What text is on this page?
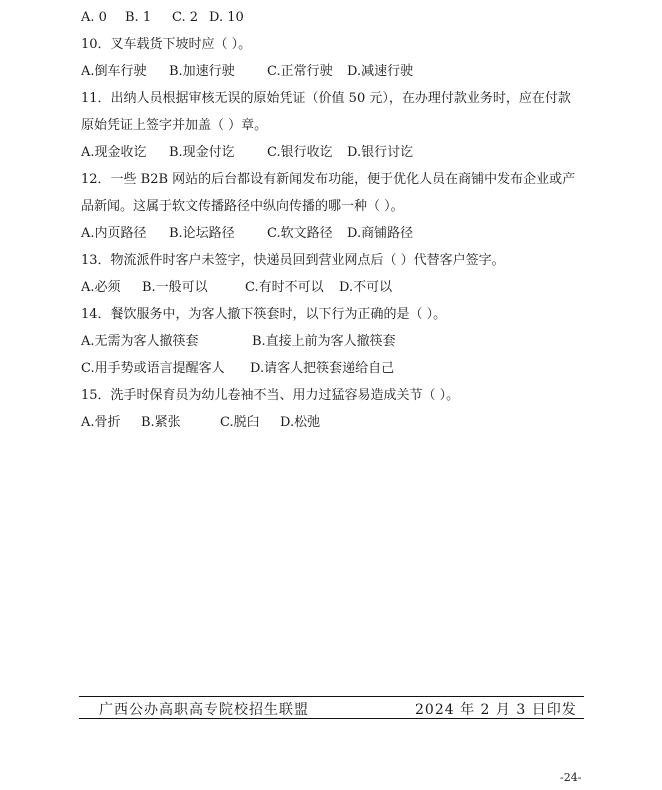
A. 0	B. 1	C. 2 D. 10
10．叉车载货下坡时应（ ）。
A.倒车行驶	B.加速行驶	C.正常行驶	D.减速行驶
11．出纳人员根据审核无误的原始凭证（价值 50 元），在办理付款业务时，应在付款
原始凭证上签字并加盖（ ）章。
A.现金收讫	B.现金付讫	C.银行收讫	D.银行讨讫
12．一些 B2B 网站的后台都设有新闻发布功能，便于优化人员在商铺中发布企业或产
品新闻。这属于软文传播路径中纵向传播的哪一种（ ）。
A.内页路径	B.论坛路径	C.软文路径	D.商铺路径
13．物流派件时客户未签字，快递员回到营业网点后（ ）代替客户签字。
A.必须	B.一般可以	C.有时不可以	D.不可以
14．餐饮服务中，为客人撤下筷套时，以下行为正确的是（ ）。
A.无需为客人撤筷套	B.直接上前为客人撤筷套
C.用手势或语言提醒客人	D.请客人把筷套递给自己
15．洗手时保育员为幼儿卷袖不当、用力过猛容易造成关节（ ）。
A.骨折	B.紧张	C.脱臼	D.松弛
广西公办高职高专院校招生联盟	2024 年 2 月 3 日印发
-24-
